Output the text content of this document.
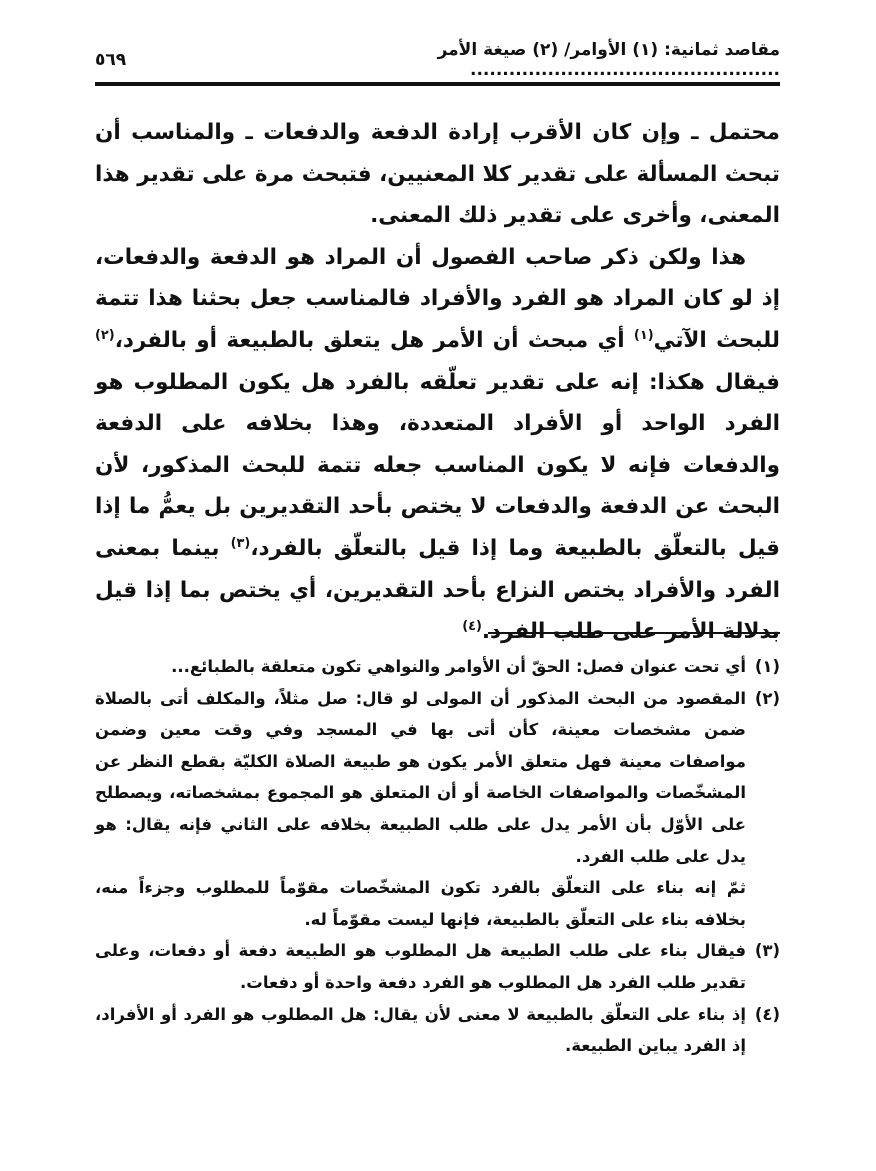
مقاصد ثمانية: (١) الأوامر/ (٢) صيغة الأمر ................................................
٥٦٩

محتمل ـ وإن كان الأقرب إرادة الدفعة والدفعات ـ والمناسب أن تبحث المسألة على تقدير كلا المعنيين، فتبحث مرة على تقدير هذا المعنى، وأخرى على تقدير ذلك المعنى.

هذا ولكن ذكر صاحب الفصول أن المراد هو الدفعة والدفعات، إذ لو كان المراد هو الفرد والأفراد فالمناسب جعل بحثنا هذا تتمة للبحث الآتي$^{(١)}$ أي مبحث أن الأمر هل يتعلق بالطبيعة أو بالفرد،$^{(٢)}$ فيقال هكذا: إنه على تقدير تعلّقه بالفرد هل يكون المطلوب هو الفرد الواحد أو الأفراد المتعددة، وهذا بخلافه على الدفعة والدفعات فإنه لا يكون المناسب جعله تتمة للبحث المذكور، لأن البحث عن الدفعة والدفعات لا يختص بأحد التقديرين بل يعمُّ ما إذا قيل بالتعلّق بالطبيعة وما إذا قيل بالتعلّق بالفرد،$^{(٣)}$ بينما بمعنى الفرد والأفراد يختص النزاع بأحد التقديرين، أي يختص بما إذا قيل بدلالة الأمر على طلب الفرد.$^{(٤)}$

(١)أي تحت عنوان فصل: الحقّ أن الأوامر والنواهي تكون متعلقة بالطبائع...

(٢)المقصود من البحث المذكور أن المولى لو قال: صل مثلاً، والمكلف أتى بالصلاة ضمن مشخصات معينة، كأن أتى بها في المسجد وفي وقت معين وضمن مواصفات معينة فهل متعلق الأمر يكون هو طبيعة الصلاة الكليّة بقطع النظر عن المشخّصات والمواصفات الخاصة أو أن المتعلق هو المجموع بمشخصاته، ويصطلح على الأوّل بأن الأمر يدل على طلب الطبيعة بخلافه على الثاني فإنه يقال: هو يدل على طلب الفرد.

ثمّ إنه بناء على التعلّق بالفرد تكون المشخّصات مقوّماً للمطلوب وجزءاً منه، بخلافه بناء على التعلّق بالطبيعة، فإنها ليست مقوّماً له.

(٣)فيقال بناء على طلب الطبيعة هل المطلوب هو الطبيعة دفعة أو دفعات، وعلى تقدير طلب الفرد هل المطلوب هو الفرد دفعة واحدة أو دفعات.

(٤)إذ بناء على التعلّق بالطبيعة لا معنى لأن يقال: هل المطلوب هو الفرد أو الأفراد، إذ الفرد يباين الطبيعة.
